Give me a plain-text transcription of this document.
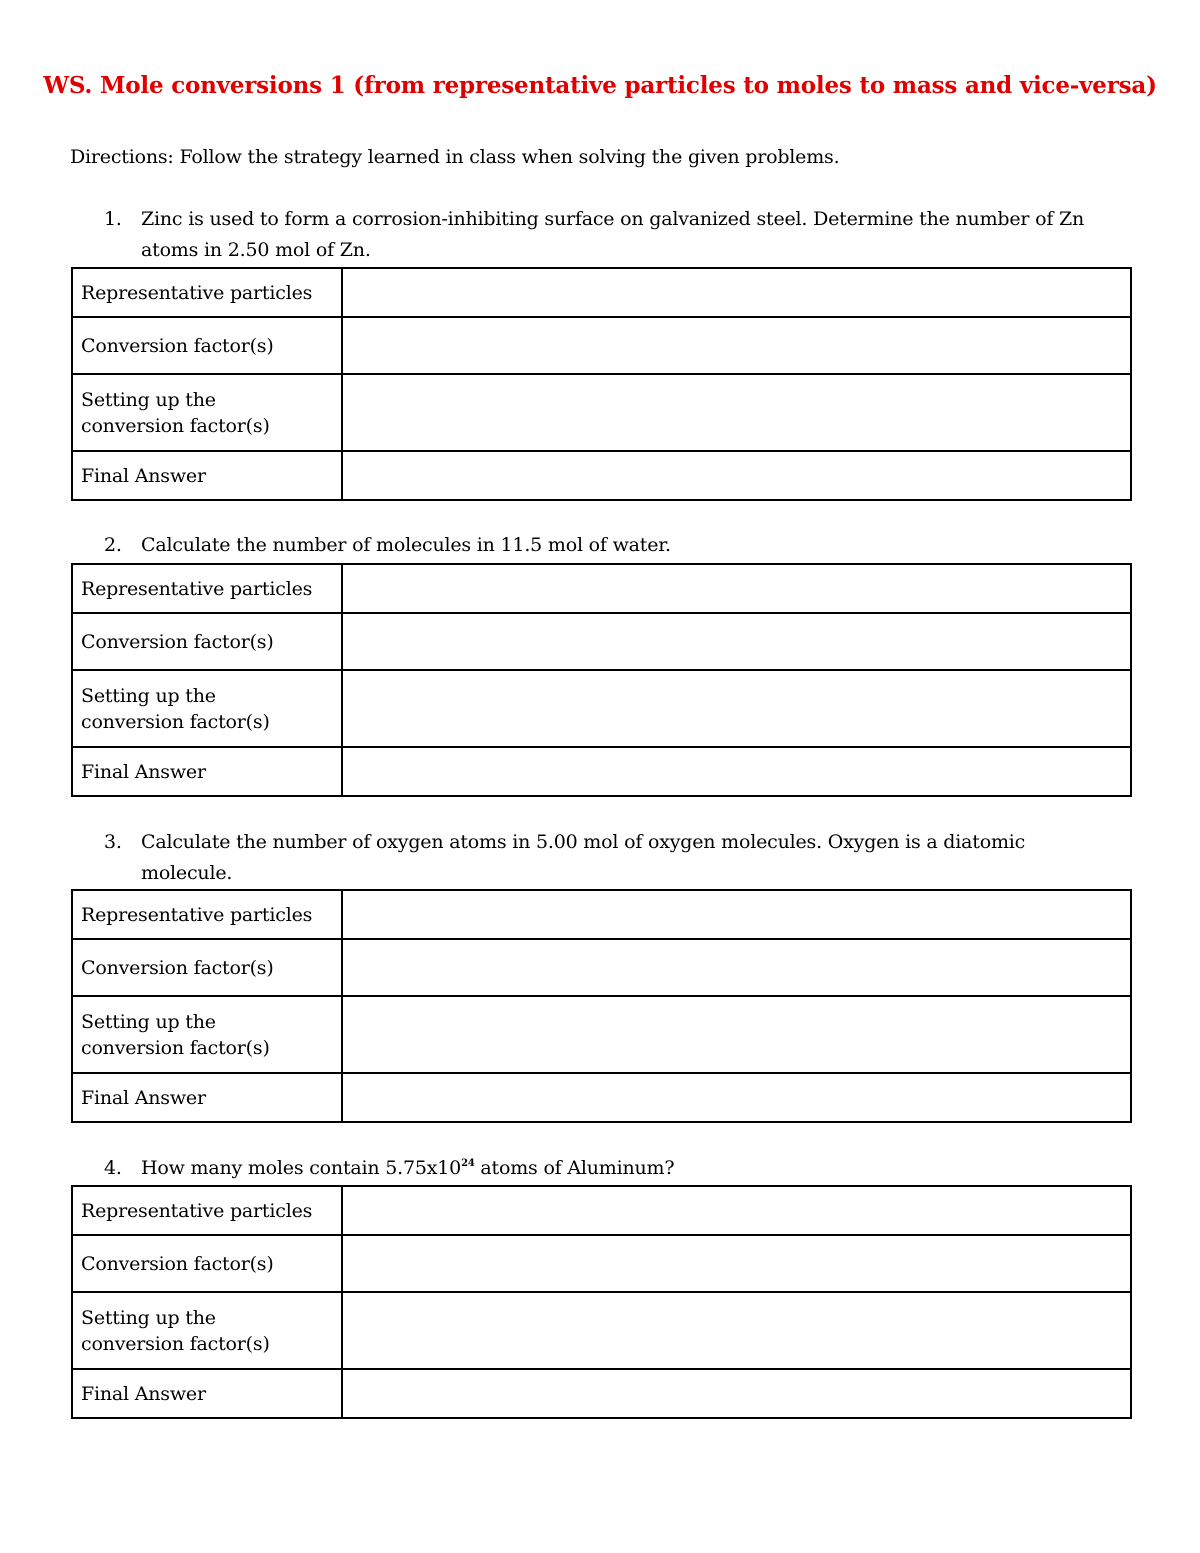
WS. Mole conversions 1 (from representative particles to moles to mass and vice-versa)
Directions: Follow the strategy learned in class when solving the given problems.
1. Zinc is used to form a corrosion-inhibiting surface on galvanized steel. Determine the number of Zn atoms in 2.50 mol of Zn.
Representative particles	
Conversion factor(s)	
Setting up the
conversion factor(s)	
Final Answer	
2. Calculate the number of molecules in 11.5 mol of water.
Representative particles	
Conversion factor(s)	
Setting up the
conversion factor(s)	
Final Answer	
3. Calculate the number of oxygen atoms in 5.00 mol of oxygen molecules. Oxygen is a diatomic molecule.
Representative particles	
Conversion factor(s)	
Setting up the
conversion factor(s)	
Final Answer	
4. How many moles contain $5.75x10^{24}$ atoms of Aluminum?
Representative particles	
Conversion factor(s)	
Setting up the
conversion factor(s)	
Final Answer	
